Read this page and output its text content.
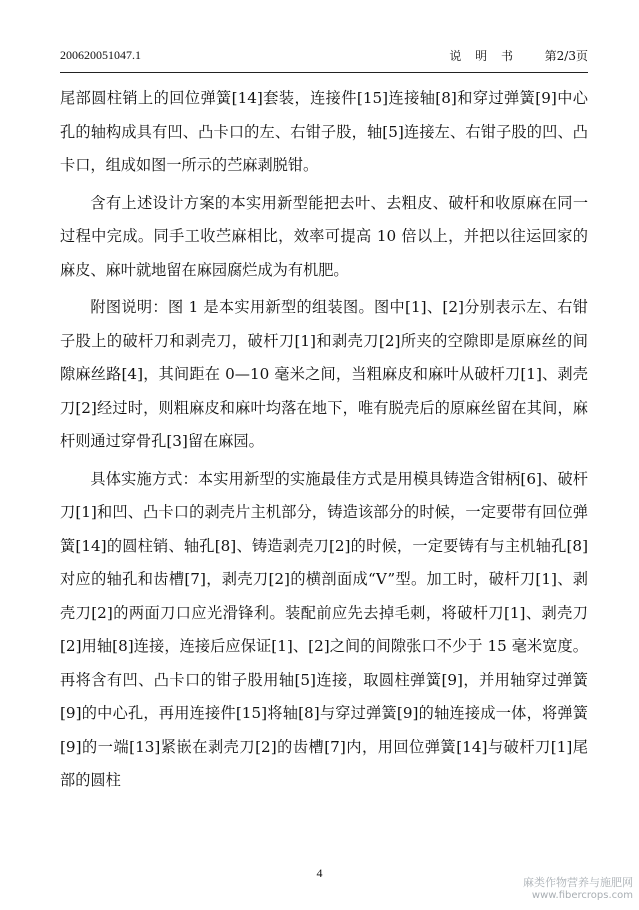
200620051047.1	说 明 书 第2/3页

尾部圆柱销上的回位弹簧[14]套装，连接件[15]连接轴[8]和穿过弹簧[9]中心孔的轴构成具有凹、凸卡口的左、右钳子股，轴[5]连接左、右钳子股的凹、凸卡口，组成如图一所示的苎麻剥脱钳。

含有上述设计方案的本实用新型能把去叶、去粗皮、破杆和收原麻在同一过程中完成。同手工收苎麻相比，效率可提高 10 倍以上，并把以往运回家的麻皮、麻叶就地留在麻园腐烂成为有机肥。

附图说明：图 1 是本实用新型的组装图。图中[1]、[2]分别表示左、右钳子股上的破杆刀和剥壳刀，破杆刀[1]和剥壳刀[2]所夹的空隙即是原麻丝的间隙麻丝路[4]，其间距在 0—10 毫米之间，当粗麻皮和麻叶从破杆刀[1]、剥壳刀[2]经过时，则粗麻皮和麻叶均落在地下，唯有脱壳后的原麻丝留在其间，麻杆则通过穿骨孔[3]留在麻园。

具体实施方式：本实用新型的实施最佳方式是用模具铸造含钳柄[6]、破杆刀[1]和凹、凸卡口的剥壳片主机部分，铸造该部分的时候，一定要带有回位弹簧[14]的圆柱销、轴孔[8]、铸造剥壳刀[2]的时候，一定要铸有与主机轴孔[8]对应的轴孔和齿槽[7]，剥壳刀[2]的横剖面成“V”型。加工时，破杆刀[1]、剥壳刀[2]的两面刀口应光滑锋利。装配前应先去掉毛刺，将破杆刀[1]、剥壳刀[2]用轴[8]连接，连接后应保证[1]、[2]之间的间隙张口不少于 15 毫米宽度。再将含有凹、凸卡口的钳子股用轴[5]连接，取圆柱弹簧[9]，并用轴穿过弹簧[9]的中心孔，再用连接件[15]将轴[8]与穿过弹簧[9]的轴连接成一体，将弹簧[9]的一端[13]紧嵌在剥壳刀[2]的齿槽[7]内，用回位弹簧[14]与破杆刀[1]尾部的圆柱

4
麻类作物营养与施肥网
www.fibercrops.com
